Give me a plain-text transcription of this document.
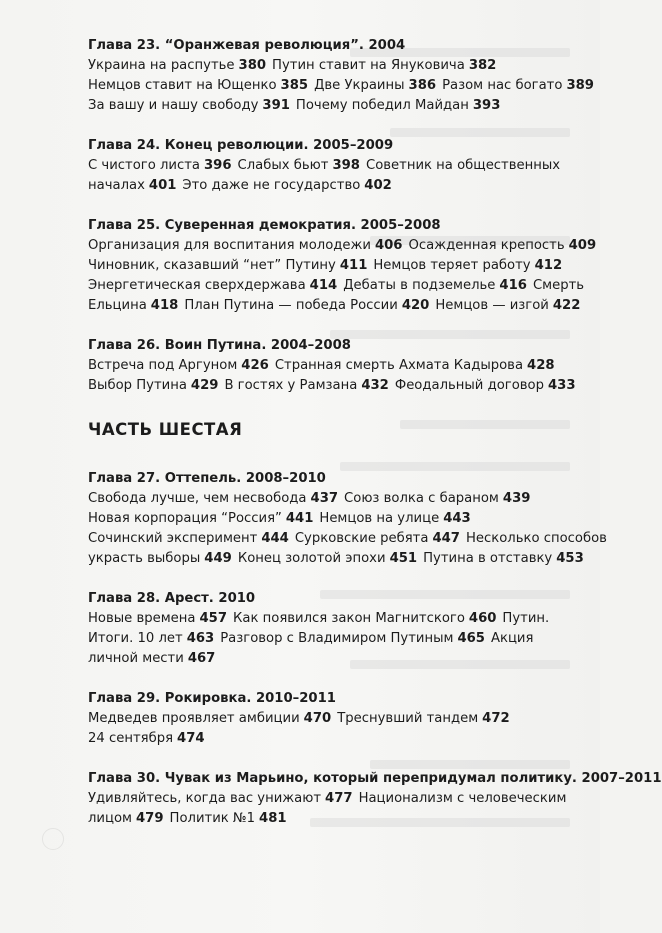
Глава 23. “Оранжевая революция”. 2004
Украина на распутье 380 Путин ставит на Януковича 382
Немцов ставит на Ющенко 385 Две Украины 386 Разом нас богато 389
За вашу и нашу свободу 391 Почему победил Майдан 393
Глава 24. Конец революции. 2005–2009
С чистого листа 396 Слабых бьют 398 Советник на общественных
началах 401 Это даже не государство 402
Глава 25. Суверенная демократия. 2005–2008
Организация для воспитания молодежи 406 Осажденная крепость 409
Чиновник, сказавший “нет” Путину 411 Немцов теряет работу 412
Энергетическая сверхдержава 414 Дебаты в подземелье 416 Смерть
Ельцина 418 План Путина — победа России 420 Немцов — изгой 422
Глава 26. Воин Путина. 2004–2008
Встреча под Аргуном 426 Странная смерть Ахмата Кадырова 428
Выбор Путина 429 В гостях у Рамзана 432 Феодальный договор 433
ЧАСТЬ ШЕСТАЯ
Глава 27. Оттепель. 2008–2010
Свобода лучше, чем несвобода 437 Союз волка с бараном 439
Новая корпорация “Россия” 441 Немцов на улице 443
Сочинский эксперимент 444 Сурковские ребята 447 Несколько способов
украсть выборы 449 Конец золотой эпохи 451 Путина в отставку 453
Глава 28. Арест. 2010
Новые времена 457 Как появился закон Магнитского 460 Путин.
Итоги. 10 лет 463 Разговор с Владимиром Путиным 465 Акция
личной мести 467
Глава 29. Рокировка. 2010–2011
Медведев проявляет амбиции 470 Треснувший тандем 472
24 сентября 474
Глава 30. Чувак из Марьино, который перепридумал политику. 2007–2011
Удивляйтесь, когда вас унижают 477 Национализм с человеческим
лицом 479 Политик №1 481
